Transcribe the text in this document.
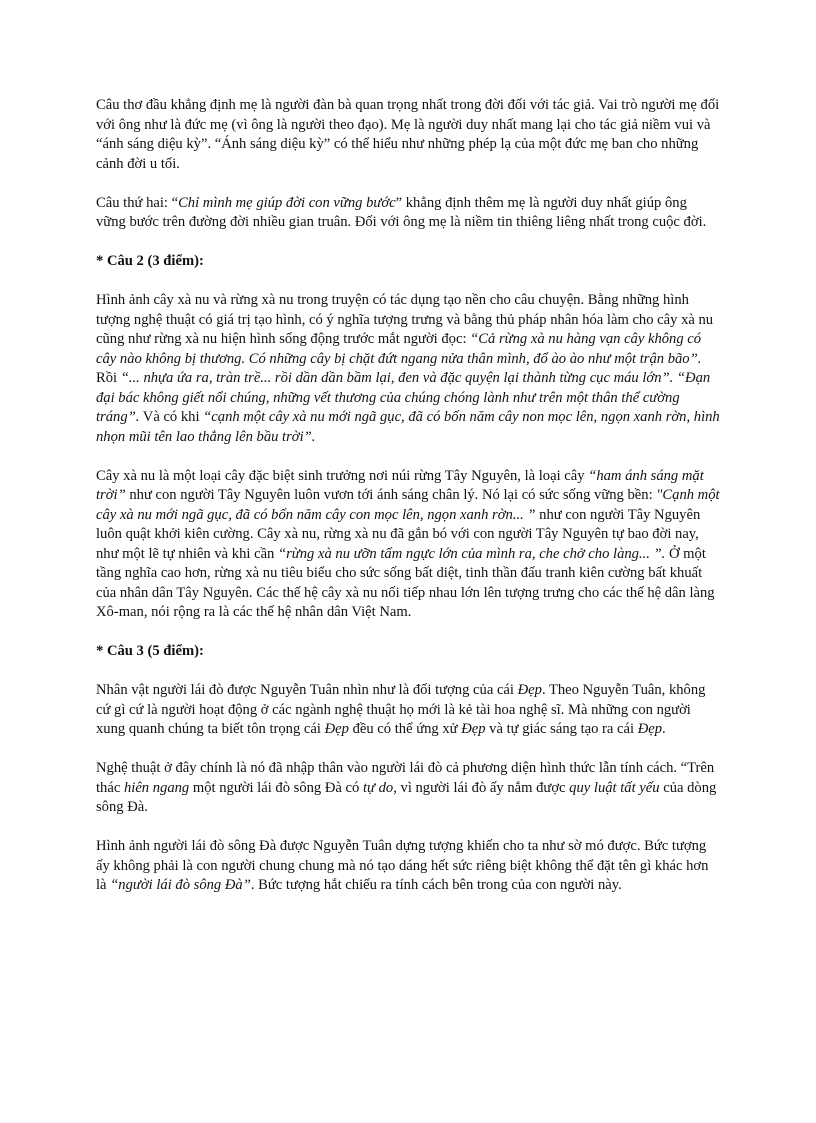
Câu thơ đầu khẳng định mẹ là người đàn bà quan trọng nhất trong đời đối với tác giả. Vai trò người mẹ đối với ông như là đức mẹ (vì ông là người theo đạo). Mẹ là người duy nhất mang lại cho tác giả niềm vui và “ánh sáng diệu kỳ”. “Ánh sáng diệu kỳ” có thể hiểu như những phép lạ của một đức mẹ ban cho những cảnh đời u tối.

Câu thứ hai: “Chỉ mình mẹ giúp đời con vững bước” khẳng định thêm mẹ là người duy nhất giúp ông vững bước trên đường đời nhiều gian truân. Đối với ông mẹ là niềm tin thiêng liêng nhất trong cuộc đời.

* Câu 2 (3 điểm):

Hình ảnh cây xà nu và rừng xà nu trong truyện có tác dụng tạo nền cho câu chuyện. Bằng những hình tượng nghệ thuật có giá trị tạo hình, có ý nghĩa tượng trưng và bằng thủ pháp nhân hóa làm cho cây xà nu cũng như rừng xà nu hiện hình sống động trước mắt người đọc: “Cả rừng xà nu hàng vạn cây không có cây nào không bị thương. Có những cây bị chặt đứt ngang nửa thân mình, đổ ào ào như một trận bão”. Rồi “... nhựa ứa ra, tràn trề... rồi dần dần bầm lại, đen và đặc quyện lại thành từng cục máu lớn”. “Đạn đại bác không giết nổi chúng, những vết thương của chúng chóng lành như trên một thân thể cường tráng”. Và có khi “cạnh một cây xà nu mới ngã gục, đã có bốn năm cây non mọc lên, ngọn xanh rờn, hình nhọn mũi tên lao thẳng lên bầu trời”.

Cây xà nu là một loại cây đặc biệt sinh trưởng nơi núi rừng Tây Nguyên, là loại cây “ham ánh sáng mặt trời” như con người Tây Nguyên luôn vươn tới ánh sáng chân lý. Nó lại có sức sống vững bền: "Cạnh một cây xà nu mới ngã gục, đã có bốn năm cây con mọc lên, ngọn xanh rờn... ” như con người Tây Nguyên luôn quật khởi kiên cường. Cây xà nu, rừng xà nu đã gắn bó với con người Tây Nguyên tự bao đời nay, như một lẽ tự nhiên và khi cần “rừng xà nu ưỡn tấm ngực lớn của mình ra, che chở cho làng... ”. Ở một tầng nghĩa cao hơn, rừng xà nu tiêu biểu cho sức sống bất diệt, tinh thần đấu tranh kiên cường bất khuất của nhân dân Tây Nguyên. Các thế hệ cây xà nu nối tiếp nhau lớn lên tượng trưng cho các thế hệ dân làng Xô-man, nói rộng ra là các thế hệ nhân dân Việt Nam.

* Câu 3 (5 điểm):

Nhân vật người lái đò được Nguyễn Tuân nhìn như là đối tượng của cái Đẹp. Theo Nguyễn Tuân, không cứ gì cứ là người hoạt động ở các ngành nghệ thuật họ mới là kẻ tài hoa nghệ sĩ. Mà những con người xung quanh chúng ta biết tôn trọng cái Đẹp đều có thể ứng xử Đẹp và tự giác sáng tạo ra cái Đẹp.

Nghệ thuật ở đây chính là nó đã nhập thân vào người lái đò cả phương diện hình thức lẫn tính cách. “Trên thác hiên ngang một người lái đò sông Đà có tự do, vì người lái đò ấy nắm được quy luật tất yếu của dòng sông Đà.

Hình ảnh người lái đò sông Đà được Nguyễn Tuân dựng tượng khiến cho ta như sờ mó được. Bức tượng ấy không phải là con người chung chung mà nó tạo dáng hết sức riêng biệt không thể đặt tên gì khác hơn là “người lái đò sông Đà”. Bức tượng hắt chiếu ra tính cách bên trong của con người này.
